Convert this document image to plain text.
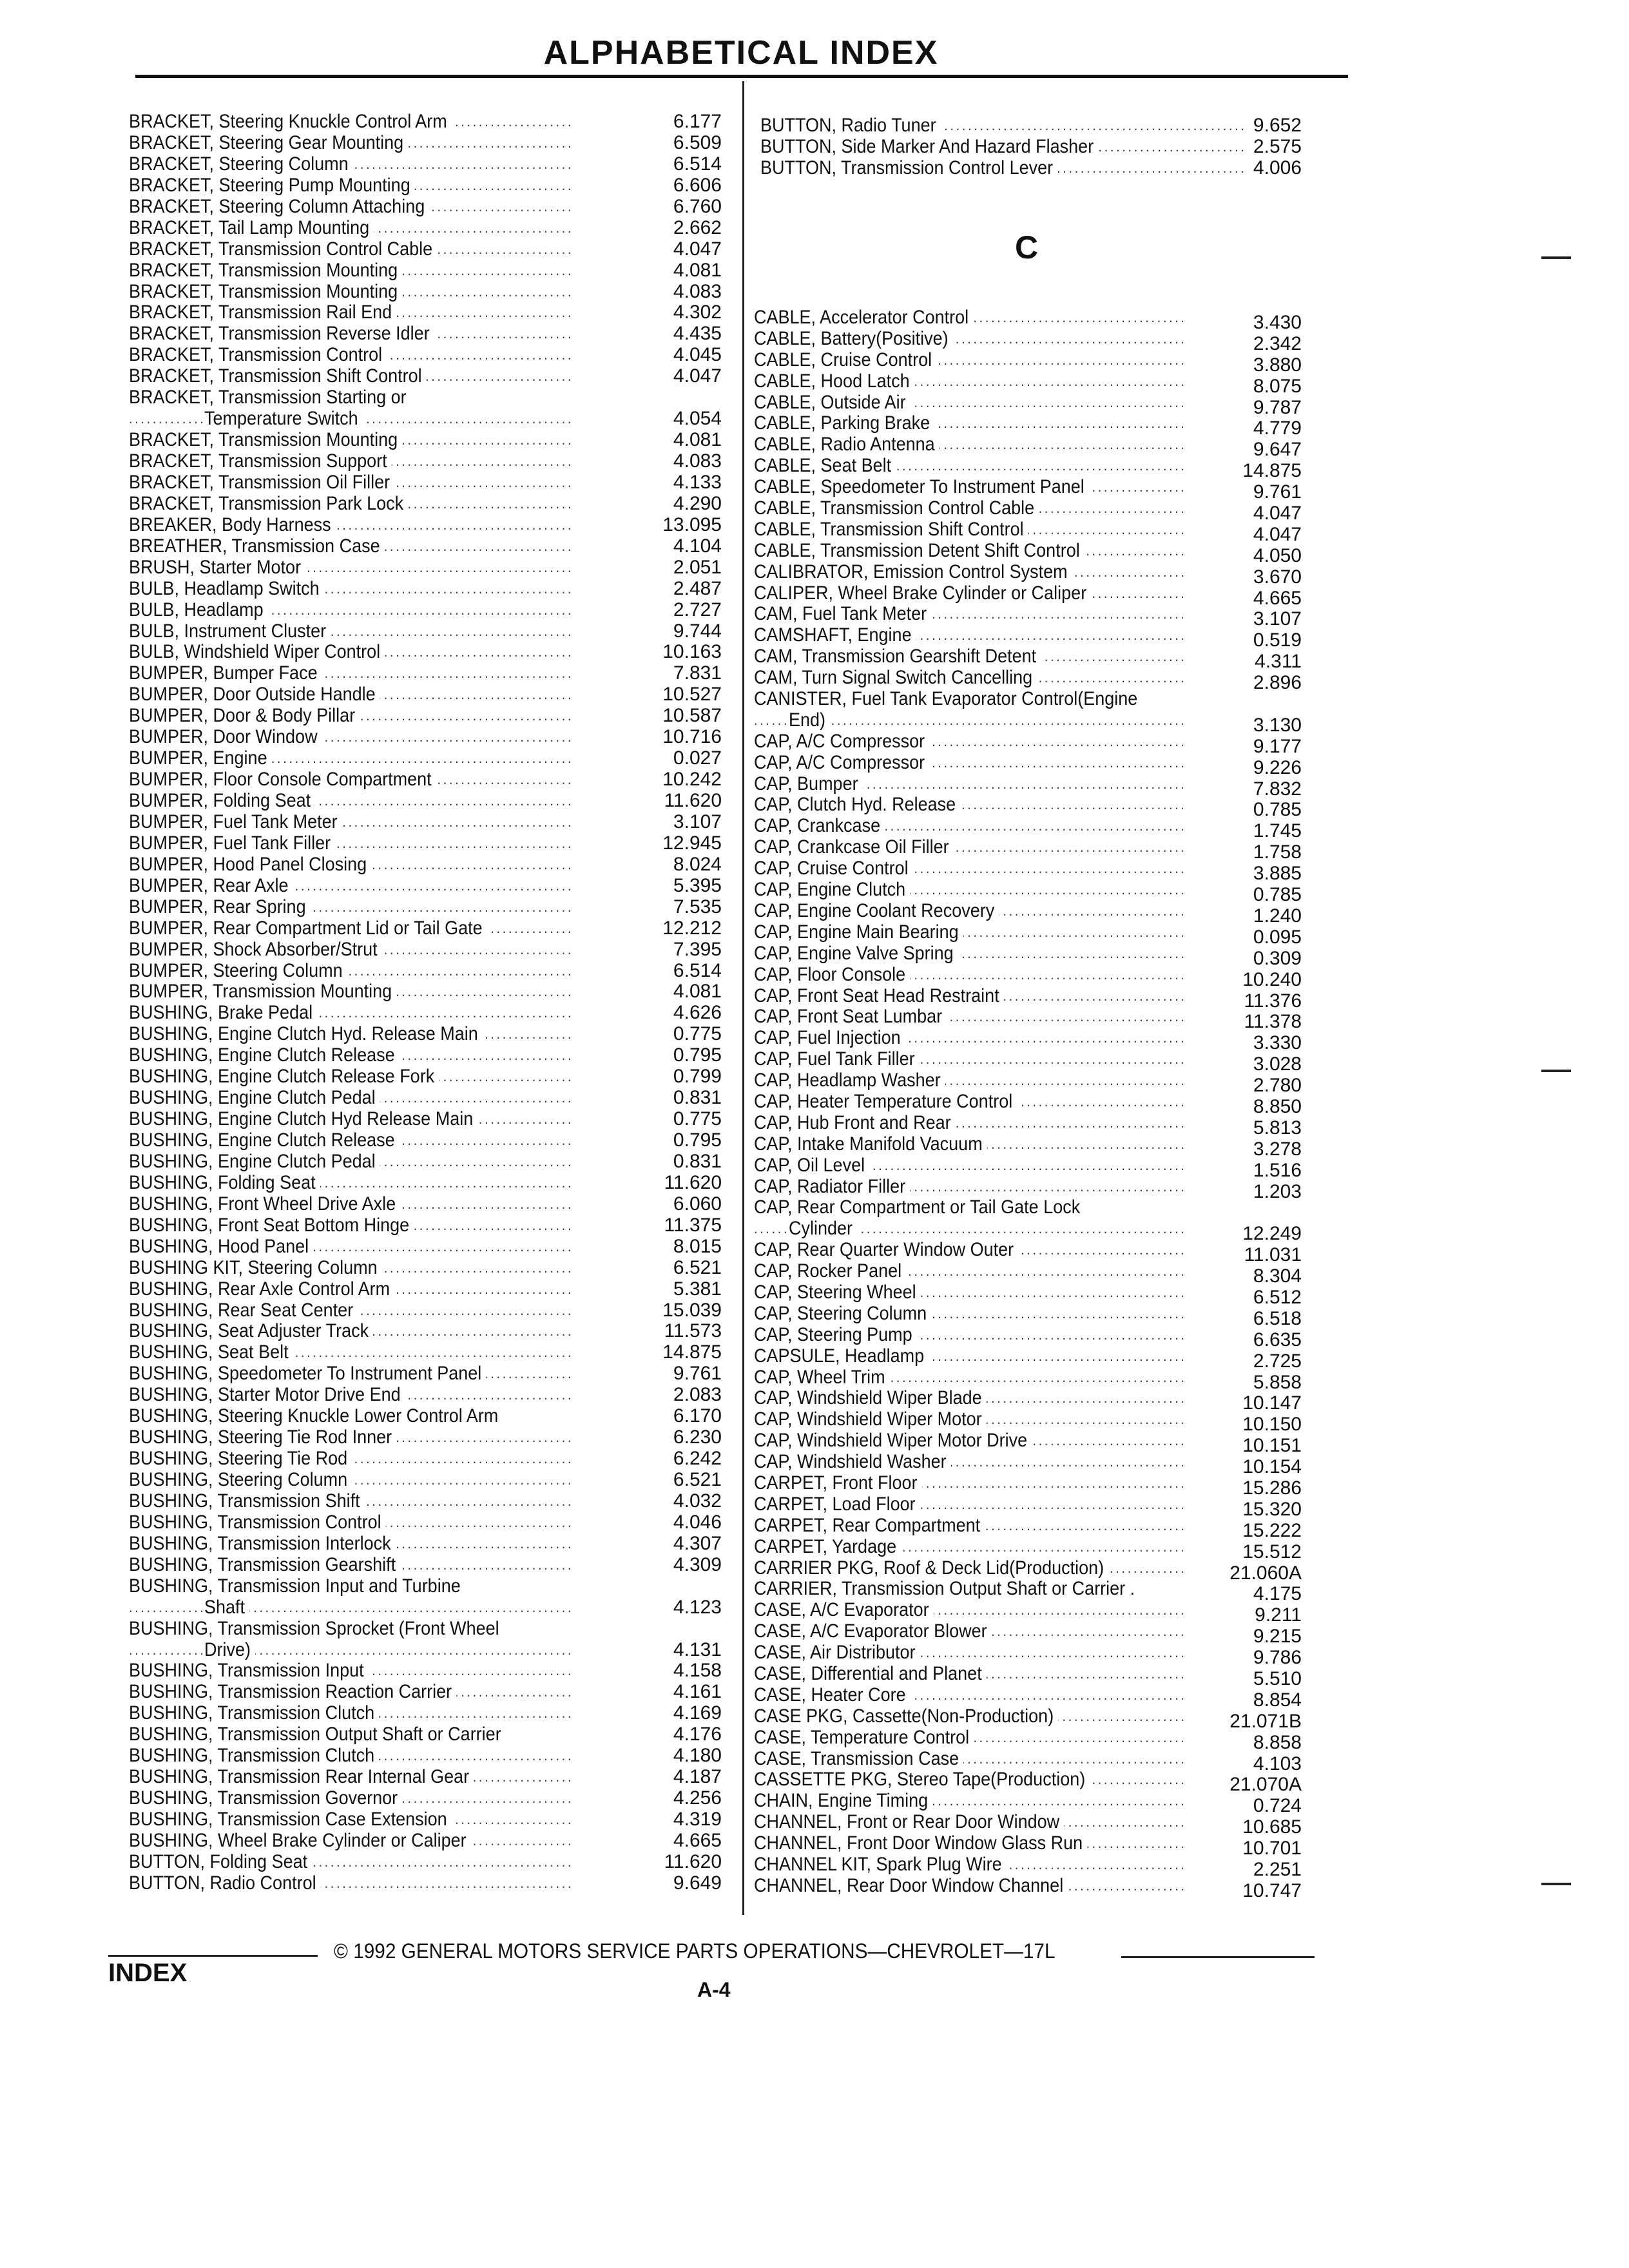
ALPHABETICAL INDEX
BRACKET, Steering Knuckle Control Arm . . .	6.177
BRACKET, Steering Gear Mounting . . .	6.509
BRACKET, Steering Column . . .	6.514
BRACKET, Steering Pump Mounting . . .	6.606
BRACKET, Steering Column Attaching . . .	6.760
BRACKET, Tail Lamp Mounting . . .	2.662
BRACKET, Transmission Control Cable . . .	4.047
BRACKET, Transmission Mounting . . .	4.081
BRACKET, Transmission Mounting . . .	4.083
BRACKET, Transmission Rail End . . .	4.302
BRACKET, Transmission Reverse Idler . . .	4.435
BRACKET, Transmission Control . . .	4.045
BRACKET, Transmission Shift Control . . .	4.047
BRACKET, Transmission Starting or
Temperature Switch . . .	4.054
BRACKET, Transmission Mounting . . .	4.081
BRACKET, Transmission Support . . .	4.083
BRACKET, Transmission Oil Filler . . .	4.133
BRACKET, Transmission Park Lock . . .	4.290
BREAKER, Body Harness . . .	13.095
BREATHER, Transmission Case . . .	4.104
BRUSH, Starter Motor . . .	2.051
BULB, Headlamp Switch . . .	2.487
BULB, Headlamp . . .	2.727
BULB, Instrument Cluster . . .	9.744
BULB, Windshield Wiper Control . . .	10.163
BUMPER, Bumper Face . . .	7.831
BUMPER, Door Outside Handle . . .	10.527
BUMPER, Door & Body Pillar . . .	10.587
BUMPER, Door Window . . .	10.716
BUMPER, Engine . . .	0.027
BUMPER, Floor Console Compartment . . .	10.242
BUMPER, Folding Seat . . .	11.620
BUMPER, Fuel Tank Meter . . .	3.107
BUMPER, Fuel Tank Filler . . .	12.945
BUMPER, Hood Panel Closing . . .	8.024
BUMPER, Rear Axle . . .	5.395
BUMPER, Rear Spring . . .	7.535
BUMPER, Rear Compartment Lid or Tail Gate . . .	12.212
BUMPER, Shock Absorber/Strut . . .	7.395
BUMPER, Steering Column . . .	6.514
BUMPER, Transmission Mounting . . .	4.081
BUSHING, Brake Pedal . . .	4.626
BUSHING, Engine Clutch Hyd. Release Main . . .	0.775
BUSHING, Engine Clutch Release . . .	0.795
BUSHING, Engine Clutch Release Fork . . .	0.799
BUSHING, Engine Clutch Pedal . . .	0.831
BUSHING, Engine Clutch Hyd Release Main . . .	0.775
BUSHING, Engine Clutch Release . . .	0.795
BUSHING, Engine Clutch Pedal . . .	0.831
BUSHING, Folding Seat . . .	11.620
BUSHING, Front Wheel Drive Axle . . .	6.060
BUSHING, Front Seat Bottom Hinge . . .	11.375
BUSHING, Hood Panel . . .	8.015
BUSHING KIT, Steering Column . . .	6.521
BUSHING, Rear Axle Control Arm . . .	5.381
BUSHING, Rear Seat Center . . .	15.039
BUSHING, Seat Adjuster Track . . .	11.573
BUSHING, Seat Belt . . .	14.875
BUSHING, Speedometer To Instrument Panel . . .	9.761
BUSHING, Starter Motor Drive End . . .	2.083
BUSHING, Steering Knuckle Lower Control Arm	6.170
BUSHING, Steering Tie Rod Inner . . .	6.230
BUSHING, Steering Tie Rod . . .	6.242
BUSHING, Steering Column . . .	6.521
BUSHING, Transmission Shift . . .	4.032
BUSHING, Transmission Control . . .	4.046
BUSHING, Transmission Interlock . . .	4.307
BUSHING, Transmission Gearshift . . .	4.309
BUSHING, Transmission Input and Turbine
Shaft . . .	4.123
BUSHING, Transmission Sprocket (Front Wheel
Drive) . . .	4.131
BUSHING, Transmission Input . . .	4.158
BUSHING, Transmission Reaction Carrier . . .	4.161
BUSHING, Transmission Clutch . . .	4.169
BUSHING, Transmission Output Shaft or Carrier	4.176
BUSHING, Transmission Clutch . . .	4.180
BUSHING, Transmission Rear Internal Gear . . .	4.187
BUSHING, Transmission Governor . . .	4.256
BUSHING, Transmission Case Extension . . .	4.319
BUSHING, Wheel Brake Cylinder or Caliper . . .	4.665
BUTTON, Folding Seat . . .	11.620
BUTTON, Radio Control . . .	9.649
BUTTON, Radio Tuner . . .	9.652
BUTTON, Side Marker And Hazard Flasher . . .	2.575
BUTTON, Transmission Control Lever . . .	4.006
C
CABLE, Accelerator Control . . .	3.430
CABLE, Battery(Positive) . . .	2.342
CABLE, Cruise Control . . .	3.880
CABLE, Hood Latch . . .	8.075
CABLE, Outside Air . . .	9.787
CABLE, Parking Brake . . .	4.779
CABLE, Radio Antenna . . .	9.647
CABLE, Seat Belt . . .	14.875
CABLE, Speedometer To Instrument Panel . . .	9.761
CABLE, Transmission Control Cable . . .	4.047
CABLE, Transmission Shift Control . . .	4.047
CABLE, Transmission Detent Shift Control . . .	4.050
CALIBRATOR, Emission Control System . . .	3.670
CALIPER, Wheel Brake Cylinder or Caliper . . .	4.665
CAM, Fuel Tank Meter . . .	3.107
CAMSHAFT, Engine . . .	0.519
CAM, Transmission Gearshift Detent . . .	4.311
CAM, Turn Signal Switch Cancelling . . .	2.896
CANISTER, Fuel Tank Evaporator Control(Engine
End) . . .	3.130
CAP, A/C Compressor . . .	9.177
CAP, A/C Compressor . . .	9.226
CAP, Bumper . . .	7.832
CAP, Clutch Hyd. Release . . .	0.785
CAP, Crankcase . . .	1.745
CAP, Crankcase Oil Filler . . .	1.758
CAP, Cruise Control . . .	3.885
CAP, Engine Clutch . . .	0.785
CAP, Engine Coolant Recovery . . .	1.240
CAP, Engine Main Bearing . . .	0.095
CAP, Engine Valve Spring . . .	0.309
CAP, Floor Console . . .	10.240
CAP, Front Seat Head Restraint . . .	11.376
CAP, Front Seat Lumbar . . .	11.378
CAP, Fuel Injection . . .	3.330
CAP, Fuel Tank Filler . . .	3.028
CAP, Headlamp Washer . . .	2.780
CAP, Heater Temperature Control . . .	8.850
CAP, Hub Front and Rear . . .	5.813
CAP, Intake Manifold Vacuum . . .	3.278
CAP, Oil Level . . .	1.516
CAP, Radiator Filler . . .	1.203
CAP, Rear Compartment or Tail Gate Lock
Cylinder . . .	12.249
CAP, Rear Quarter Window Outer . . .	11.031
CAP, Rocker Panel . . .	8.304
CAP, Steering Wheel . . .	6.512
CAP, Steering Column . . .	6.518
CAP, Steering Pump . . .	6.635
CAPSULE, Headlamp . . .	2.725
CAP, Wheel Trim . . .	5.858
CAP, Windshield Wiper Blade . . .	10.147
CAP, Windshield Wiper Motor . . .	10.150
CAP, Windshield Wiper Motor Drive . . .	10.151
CAP, Windshield Washer . . .	10.154
CARPET, Front Floor . . .	15.286
CARPET, Load Floor . . .	15.320
CARPET, Rear Compartment . . .	15.222
CARPET, Yardage . . .	15.512
CARRIER PKG, Roof & Deck Lid(Production) . . .	21.060A
CARRIER, Transmission Output Shaft or Carrier .	4.175
CASE, A/C Evaporator . . .	9.211
CASE, A/C Evaporator Blower . . .	9.215
CASE, Air Distributor . . .	9.786
CASE, Differential and Planet . . .	5.510
CASE, Heater Core . . .	8.854
CASE PKG, Cassette(Non-Production) . . .	21.071B
CASE, Temperature Control . . .	8.858
CASE, Transmission Case . . .	4.103
CASSETTE PKG, Stereo Tape(Production) . . .	21.070A
CHAIN, Engine Timing . . .	0.724
CHANNEL, Front or Rear Door Window . . .	10.685
CHANNEL, Front Door Window Glass Run . . .	10.701
CHANNEL KIT, Spark Plug Wire . . .	2.251
CHANNEL, Rear Door Window Channel . . .	10.747
© 1992 GENERAL MOTORS SERVICE PARTS OPERATIONS—CHEVROLET—17L
INDEX
A-4
